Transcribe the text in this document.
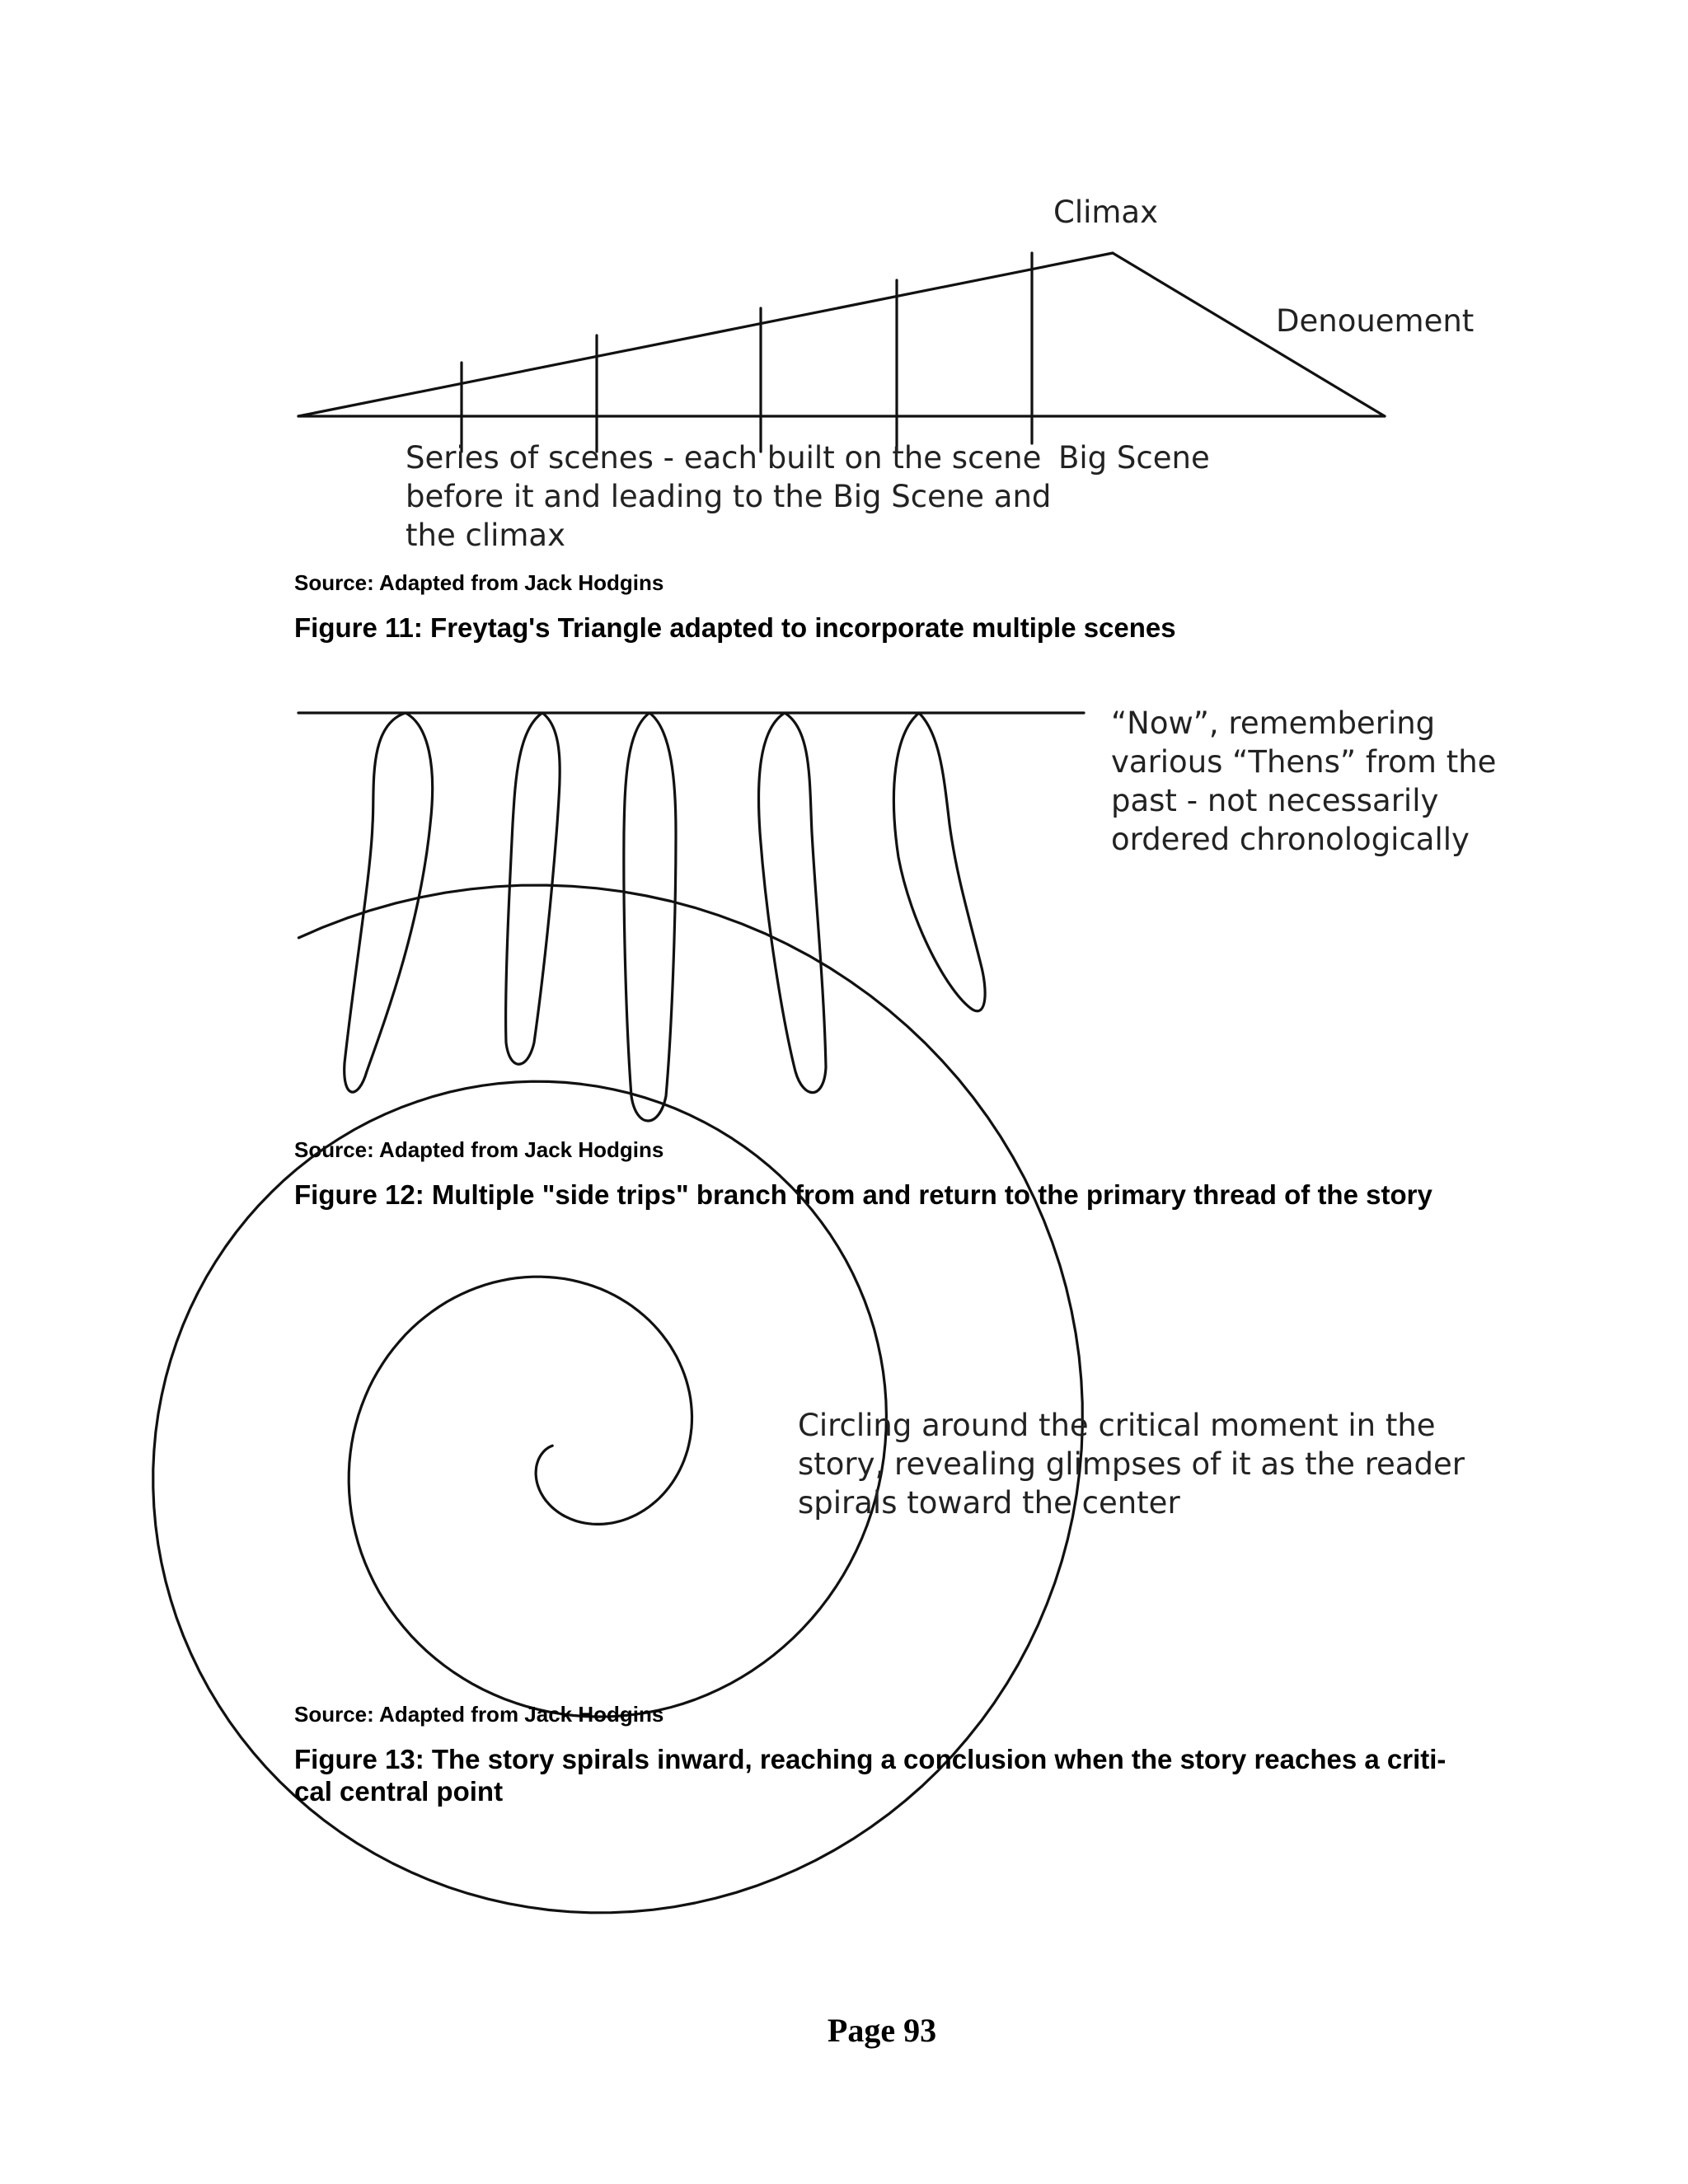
Climax
Denouement
Big Scene
Series of scenes - each built on the scene
before it and leading to the Big Scene and
the climax

Source: Adapted from Jack Hodgins

Figure 11: Freytag's Triangle adapted to incorporate multiple scenes

“Now”, remembering
various “Thens” from the
past - not necessarily
ordered chronologically

Source: Adapted from Jack Hodgins

Figure 12: Multiple "side trips" branch from and return to the primary thread of the story

Circling around the critical moment in the
story, revealing glimpses of it as the reader
spirals toward the center

Source: Adapted from Jack Hodgins

Figure 13: The story spirals inward, reaching a conclusion when the story reaches a criti- cal central point

Page 93
